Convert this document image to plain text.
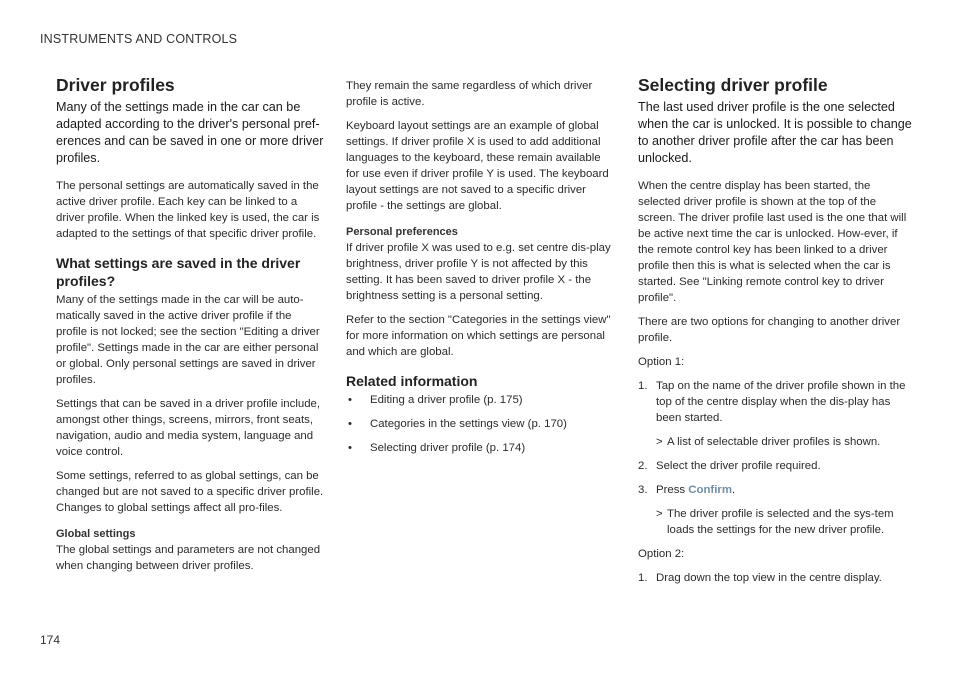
INSTRUMENTS AND CONTROLS
Driver profiles

Many of the settings made in the car can be adapted according to the driver's personal pref-erences and can be saved in one or more driver profiles.

The personal settings are automatically saved in the active driver profile. Each key can be linked to a driver profile. When the linked key is used, the car is adapted to the settings of that specific driver profile.

What settings are saved in the driver profiles?

Many of the settings made in the car will be auto-matically saved in the active driver profile if the profile is not locked; see the section "Editing a driver profile". Settings made in the car are either personal or global. Only personal settings are saved in driver profiles.

Settings that can be saved in a driver profile include, amongst other things, screens, mirrors, front seats, navigation, audio and media system, language and voice control.

Some settings, referred to as global settings, can be changed but are not saved to a specific driver profile. Changes to global settings affect all pro-files.

Global settings

The global settings and parameters are not changed when changing between driver profiles.

They remain the same regardless of which driver profile is active.

Keyboard layout settings are an example of global settings. If driver profile X is used to add additional languages to the keyboard, these remain available for use even if driver profile Y is used. The keyboard layout settings are not saved to a specific driver profile - the settings are global.

Personal preferences

If driver profile X was used to e.g. set centre dis-play brightness, driver profile Y is not affected by this setting. It has been saved to driver profile X - the brightness setting is a personal setting.

Refer to the section "Categories in the settings view" for more information on which settings are personal and which are global.

Related information
• Editing a driver profile (p. 175)
• Categories in the settings view (p. 170)
• Selecting driver profile (p. 174)
Selecting driver profile

The last used driver profile is the one selected when the car is unlocked. It is possible to change to another driver profile after the car has been unlocked.

When the centre display has been started, the selected driver profile is shown at the top of the screen. The driver profile last used is the one that will be active next time the car is unlocked. How-ever, if the remote control key has been linked to a driver profile then this is what is selected when the car is started. See "Linking remote control key to driver profile".

There are two options for changing to another driver profile.

Option 1:

1. Tap on the name of the driver profile shown in the top of the centre display when the dis-play has been started.
> A list of selectable driver profiles is shown.
2. Select the driver profile required.
3. Press Confirm.
> The driver profile is selected and the sys-tem loads the settings for the new driver profile.

Option 2:

1. Drag down the top view in the centre display.
174
